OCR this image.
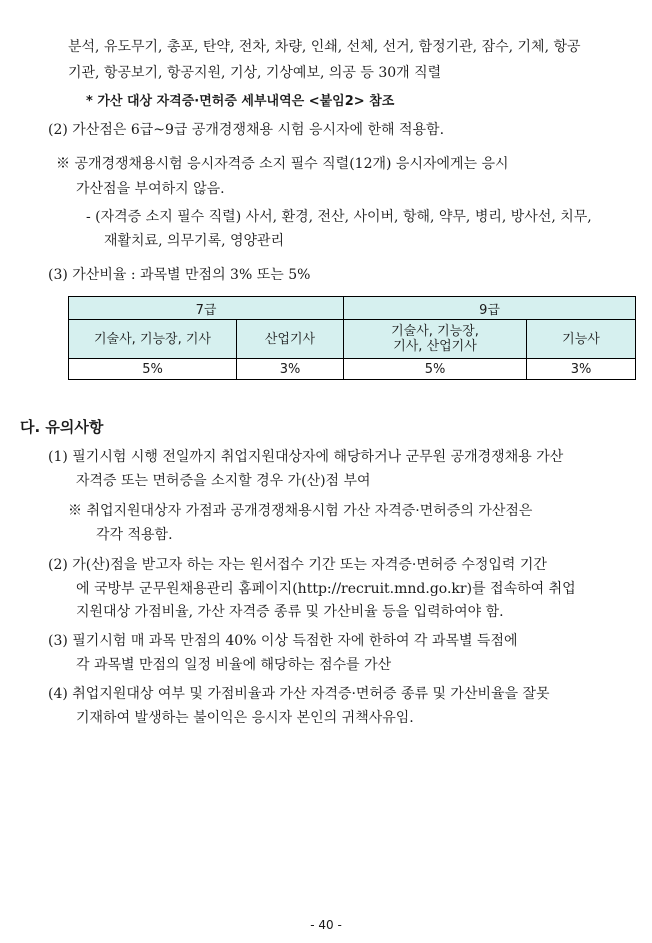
분석, 유도무기, 총포, 탄약, 전차, 차량, 인쇄, 선체, 선거, 함정기관, 잠수, 기체, 항공
기관, 항공보기, 항공지원, 기상, 기상예보, 의공 등 30개 직렬
* 가산 대상 자격증·면허증 세부내역은 <붙임2> 참조
(2) 가산점은 6급~9급 공개경쟁채용 시험 응시자에 한해 적용함.
※ 공개경쟁채용시험 응시자격증 소지 필수 직렬(12개) 응시자에게는 응시
가산점을 부여하지 않음.
- (자격증 소지 필수 직렬) 사서, 환경, 전산, 사이버, 항해, 약무, 병리, 방사선, 치무,
재활치료, 의무기록, 영양관리
(3) 가산비율 : 과목별 만점의 3% 또는 5%
7급		9급	
기술사, 기능장, 기사	산업기사	기술사, 기능장,
기사, 산업기사	기능사
5%	3%	5%	3%
다. 유의사항
(1) 필기시험 시행 전일까지 취업지원대상자에 해당하거나 군무원 공개경쟁채용 가산
자격증 또는 면허증을 소지할 경우 가(산)점 부여
※ 취업지원대상자 가점과 공개경쟁채용시험 가산 자격증·면허증의 가산점은
각각 적용함.
(2) 가(산)점을 받고자 하는 자는 원서접수 기간 또는 자격증·면허증 수정입력 기간
에 국방부 군무원채용관리 홈페이지(http://recruit.mnd.go.kr)를 접속하여 취업
지원대상 가점비율, 가산 자격증 종류 및 가산비율 등을 입력하여야 함.
(3) 필기시험 매 과목 만점의 40% 이상 득점한 자에 한하여 각 과목별 득점에
각 과목별 만점의 일정 비율에 해당하는 점수를 가산
(4) 취업지원대상 여부 및 가점비율과 가산 자격증·면허증 종류 및 가산비율을 잘못
기재하여 발생하는 불이익은 응시자 본인의 귀책사유임.
- 40 -
